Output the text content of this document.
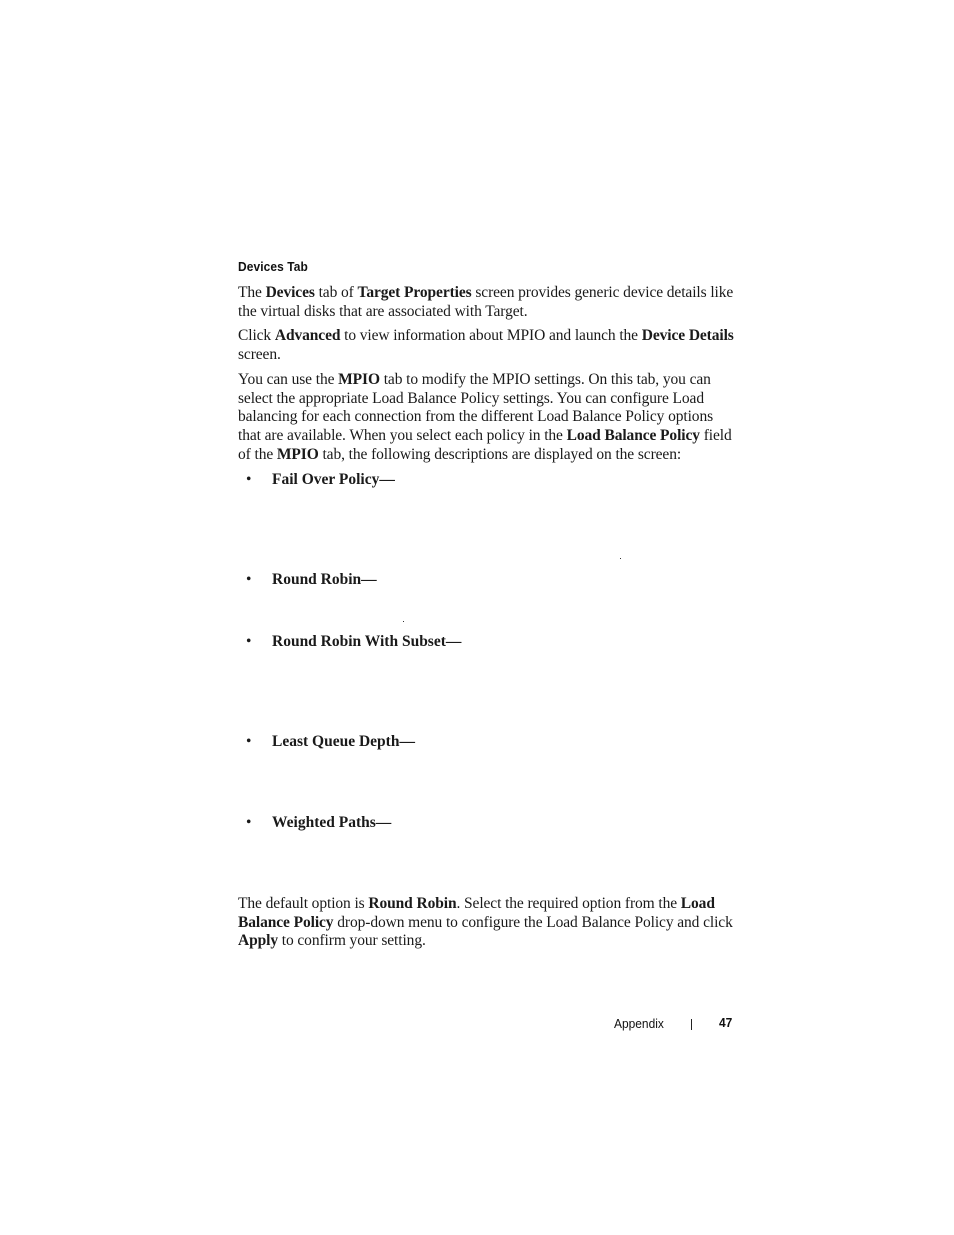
Devices Tab
The Devices tab of Target Properties screen provides generic device details like the virtual disks that are associated with Target.
Click Advanced to view information about MPIO and launch the Device Details screen.
You can use the MPIO tab to modify the MPIO settings. On this tab, you can select the appropriate Load Balance Policy settings. You can configure Load balancing for each connection from the different Load Balance Policy options that are available. When you select each policy in the Load Balance Policy field of the MPIO tab, the following descriptions are displayed on the screen:
• Fail Over Policy—
• Round Robin—
• Round Robin With Subset—
• Least Queue Depth—
• Weighted Paths—
The default option is Round Robin. Select the required option from the Load Balance Policy drop-down menu to configure the Load Balance Policy and click Apply to confirm your setting.
Appendix	47
